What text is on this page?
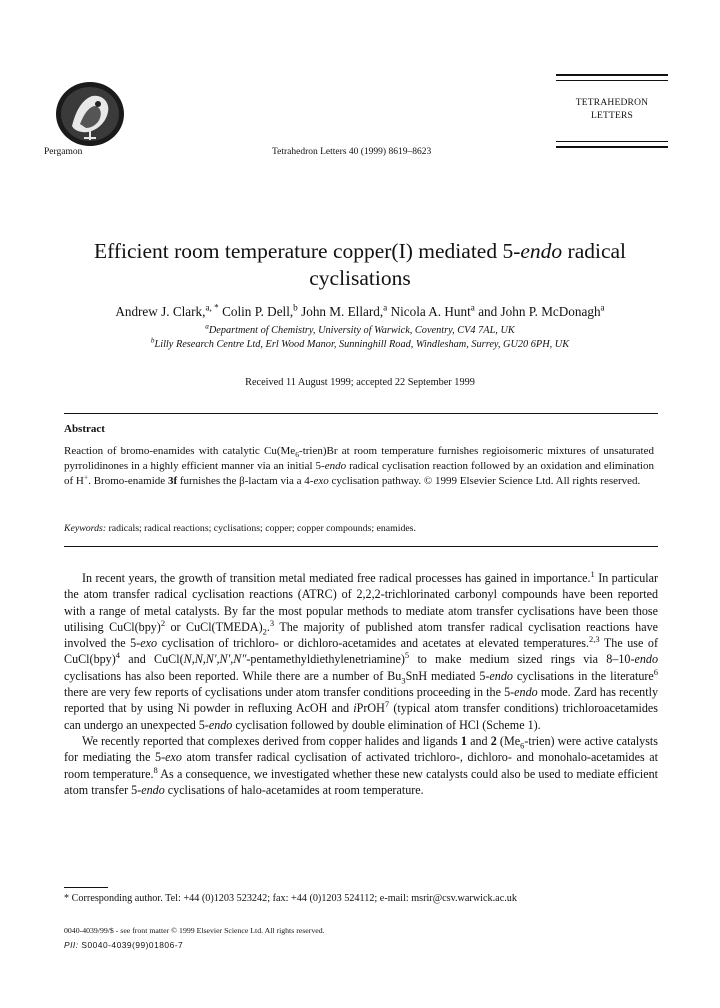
Pergamon	Tetrahedron Letters 40 (1999) 8619–8623
TETRAHEDRON
LETTERS
Efficient room temperature copper(I) mediated 5-endo radical
cyclisations
Andrew J. Clark,$^{a,}$ * Colin P. Dell,$^b$ John M. Ellard,$^a$ Nicola A. Hunt$^a$ and John P. McDonagh$^a$
$^a$Department of Chemistry, University of Warwick, Coventry, CV4 7AL, UK
$^b$Lilly Research Centre Ltd, Erl Wood Manor, Sunninghill Road, Windlesham, Surrey, GU20 6PH, UK
Received 11 August 1999; accepted 22 September 1999
Abstract
Reaction of bromo-enamides with catalytic $Cu(Me_6-trien)Br$ at room temperature furnishes regioisomeric mixtures of unsaturated pyrrolidinones in a highly efficient manner via an initial 5-endo radical cyclisation reaction followed by an oxidation and elimination of H+. Bromo-enamide 3f furnishes the β-lactam via a 4-exo cyclisation pathway. © 1999 Elsevier Science Ltd. All rights reserved.
Keywords: radicals; radical reactions; cyclisations; copper; copper compounds; enamides.

In recent years, the growth of transition metal mediated free radical processes has gained in importance.$^1$ In particular the atom transfer radical cyclisation reactions (ATRC) of 2,2,2-trichlorinated carbonyl compounds have been reported with a range of metal catalysts. By far the most popular methods to mediate atom transfer cyclisations have been those utilising CuCl(bpy)$^2$ or $CuCl(TMEDA)_2.^3$ The majority of published atom transfer radical cyclisation reactions have involved the 5-exo cyclisation of trichloro- or dichloro-acetamides and acetates at elevated temperatures.$^{2,3}$ The use of CuCl(bpy)$^4$ and CuCl(N,N,N′,N′,N″-pentamethyldiethylenetriamine)$^5$ to make medium sized rings via 8–10-endo cyclisations has also been reported. While there are a number of $Bu_3SnH$ mediated 5-endo cyclisations in the literature$^6$ there are very few reports of cyclisations under atom transfer conditions proceeding in the 5-endo mode. Zard has recently reported that by using Ni powder in refluxing AcOH and iPrOH$^7$ (typical atom transfer conditions) trichloroacetamides can undergo an unexpected 5-endo cyclisation followed by double elimination of HCl (Scheme 1).

We recently reported that complexes derived from copper halides and ligands 1 and 2 $(Me_6-trien)$ were active catalysts for mediating the 5-exo atom transfer radical cyclisation of activated trichloro-, dichloro- and monohalo-acetamides at room temperature.$^8$ As a consequence, we investigated whether these new catalysts could also be used to mediate efficient atom transfer 5-endo cyclisations of halo-acetamides at room temperature.

* Corresponding author. Tel: +44 (0)1203 523242; fax: +44 (0)1203 524112; e-mail: msrir@csv.warwick.ac.uk
0040-4039/99/$ - see front matter © 1999 Elsevier Science Ltd. All rights reserved.
PII: S0040-4039(99)01806-7
